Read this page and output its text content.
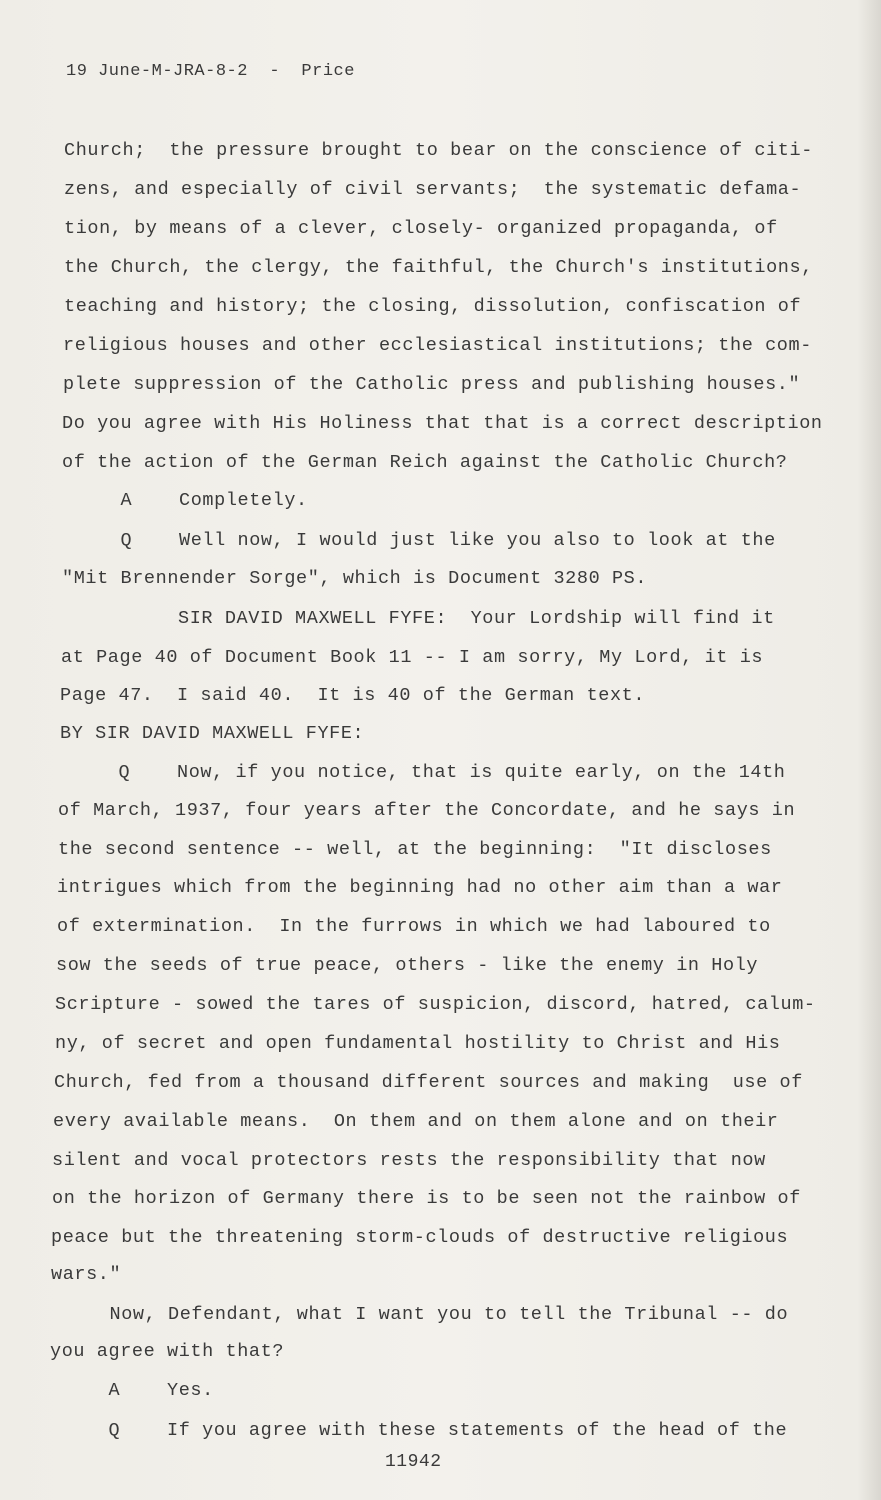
19 June-M-JRA-8-2  -  Price
Church;  the pressure brought to bear on the conscience of citi-
zens, and especially of civil servants;  the systematic defama-
tion, by means of a clever, closely- organized propaganda, of
the Church, the clergy, the faithful, the Church's institutions,
teaching and history; the closing, dissolution, confiscation of
religious houses and other ecclesiastical institutions; the com-
plete suppression of the Catholic press and publishing houses."
Do you agree with His Holiness that that is a correct description
of the action of the German Reich against the Catholic Church?
A    Completely.
Q    Well now, I would just like you also to look at the
"Mit Brennender Sorge", which is Document 3280 PS.
SIR DAVID MAXWELL FYFE:  Your Lordship will find it
at Page 40 of Document Book 11 -- I am sorry, My Lord, it is
Page 47.  I said 40.  It is 40 of the German text.
BY SIR DAVID MAXWELL FYFE:
Q    Now, if you notice, that is quite early, on the 14th
of March, 1937, four years after the Concordate, and he says in
the second sentence -- well, at the beginning:  "It discloses
intrigues which from the beginning had no other aim than a war
of extermination.  In the furrows in which we had laboured to
sow the seeds of true peace, others - like the enemy in Holy
Scripture - sowed the tares of suspicion, discord, hatred, calum-
ny, of secret and open fundamental hostility to Christ and His
Church, fed from a thousand different sources and making  use of
every available means.  On them and on them alone and on their
silent and vocal protectors rests the responsibility that now
on the horizon of Germany there is to be seen not the rainbow of
peace but the threatening storm-clouds of destructive religious
wars."
Now, Defendant, what I want you to tell the Tribunal -- do
you agree with that?
A    Yes.
Q    If you agree with these statements of the head of the
11942
